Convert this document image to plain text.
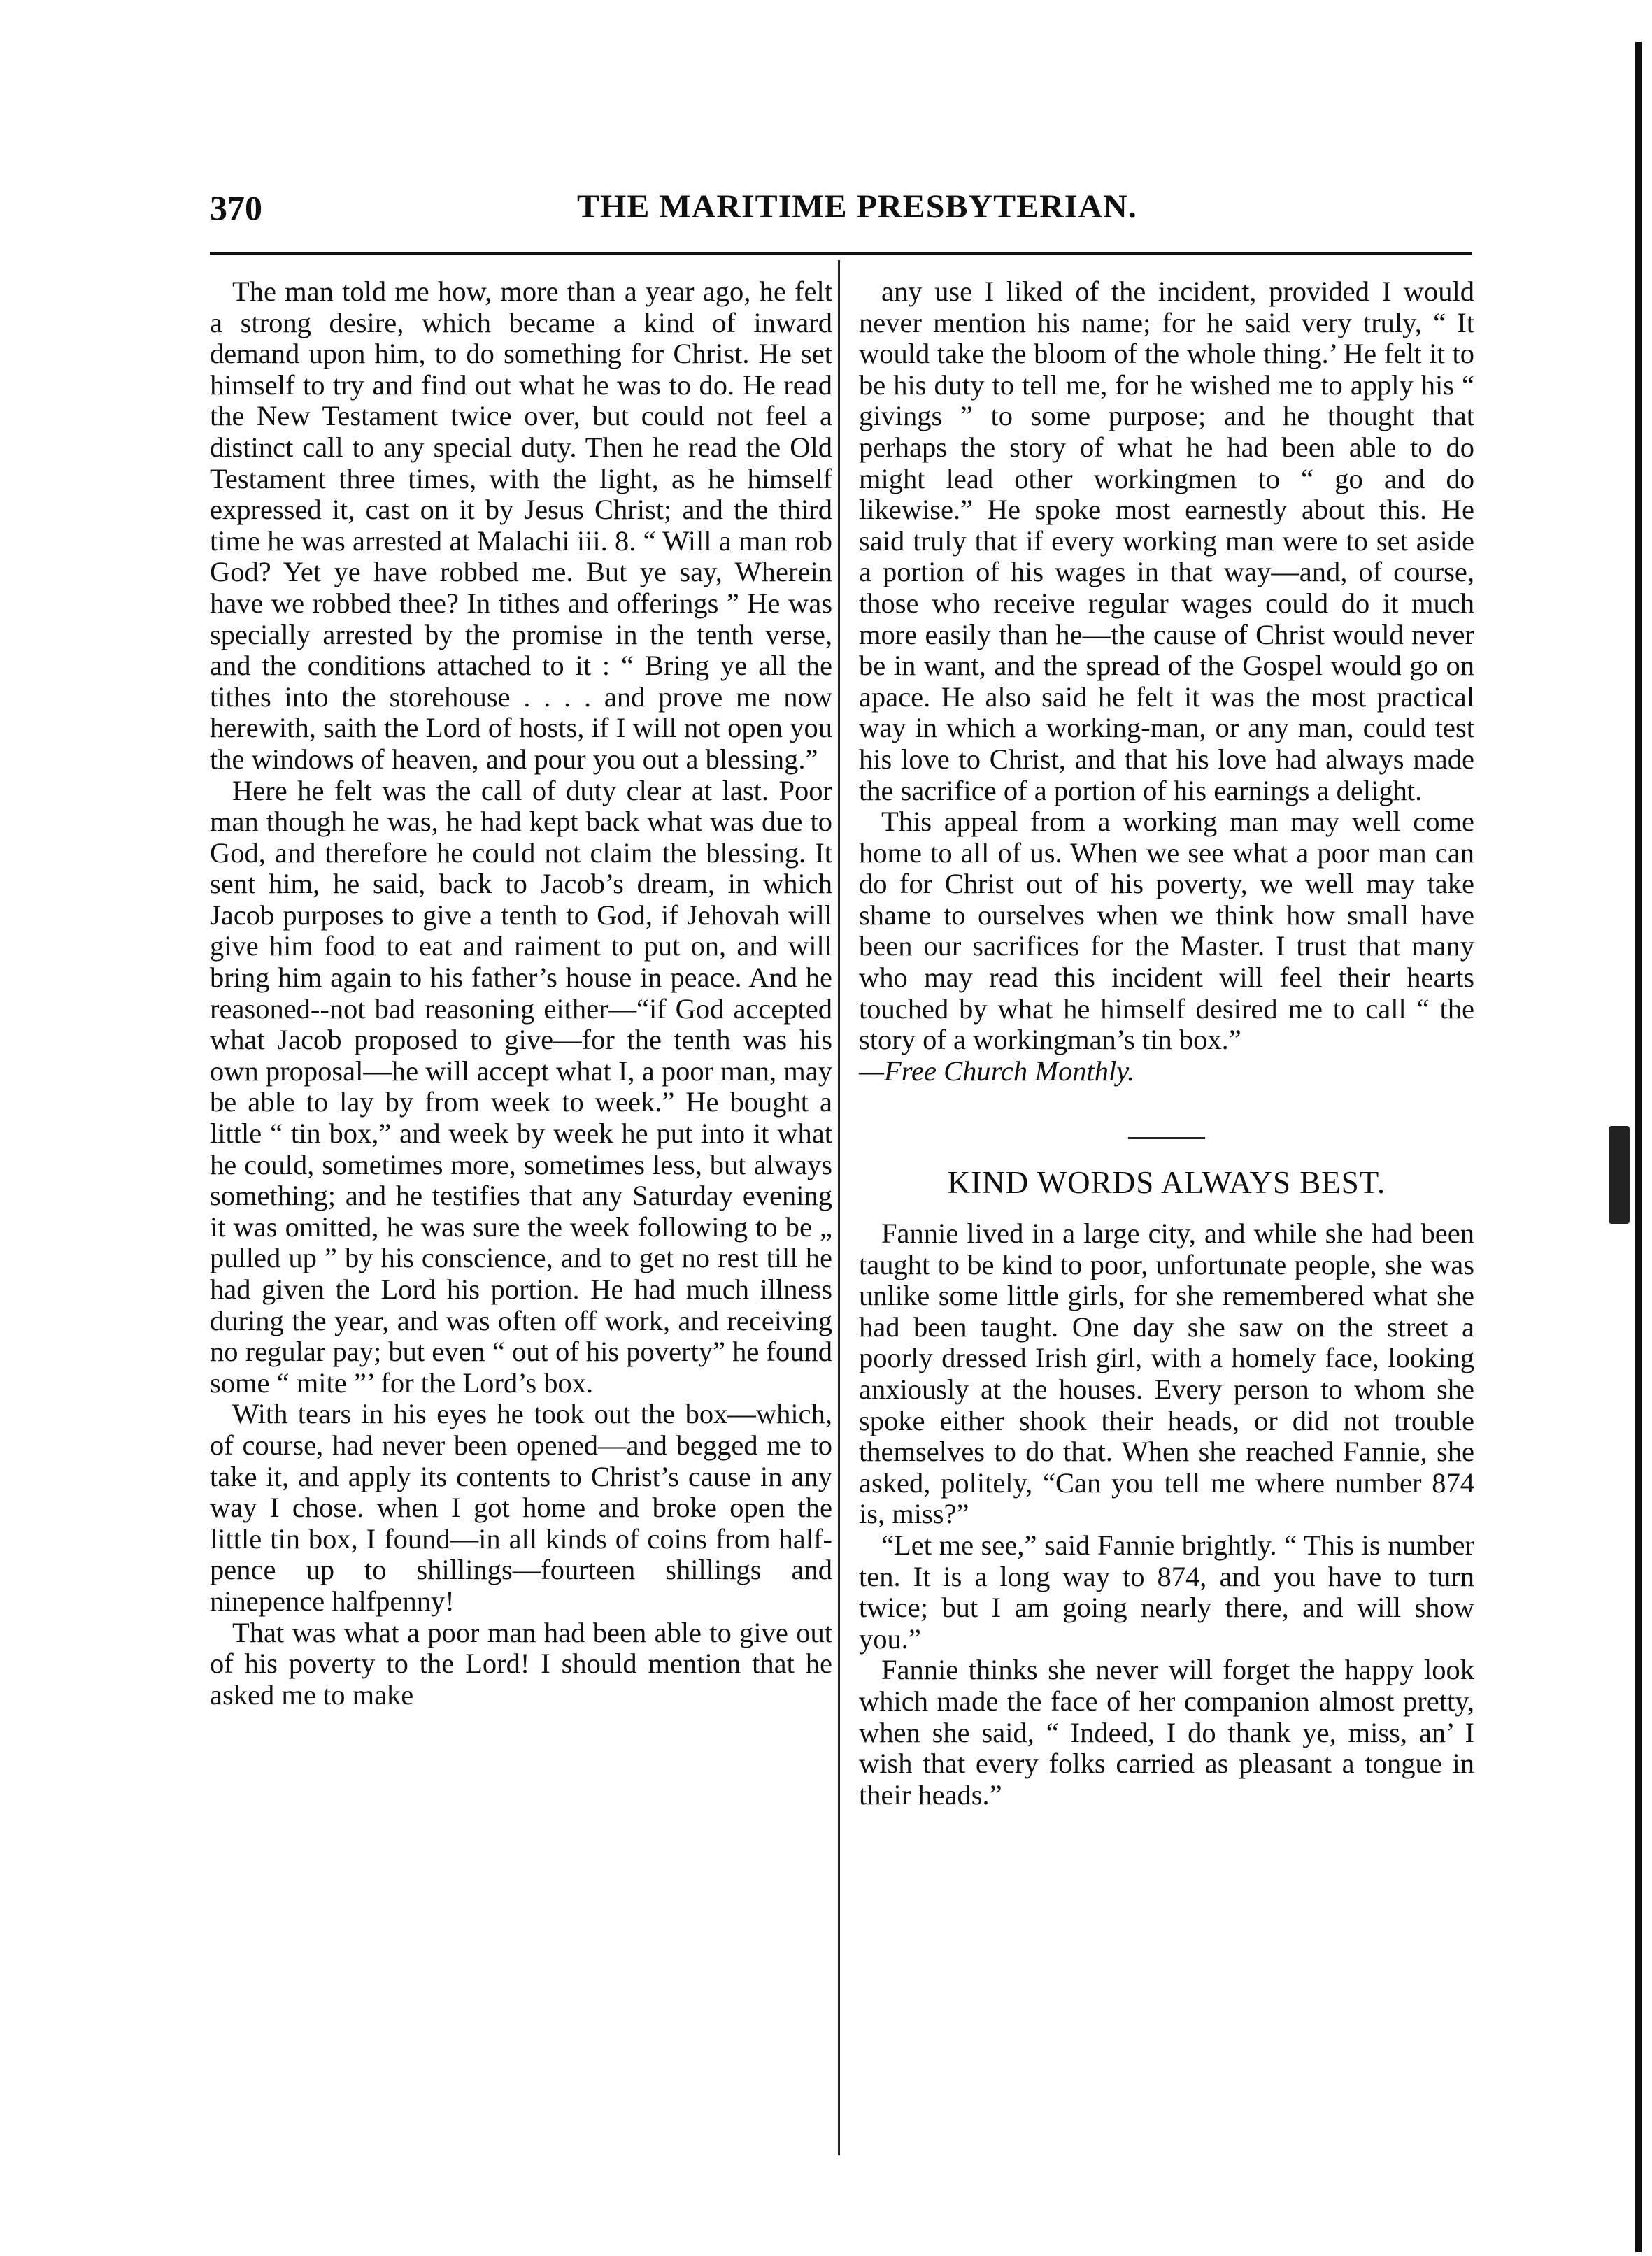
370	THE MARITIME PRESBYTERIAN.

The man told me how, more than a year ago, he felt a strong desire, which became a kind of inward demand upon him, to do something for Christ. He set himself to try and find out what he was to do. He read the New Testament twice over, but could not feel a distinct call to any special duty. Then he read the Old Testament three times, with the light, as he himself expressed it, cast on it by Jesus Christ; and the third time he was arrested at Malachi iii. 8. “ Will a man rob God? Yet ye have robbed me. But ye say, Wherein have we robbed thee? In tithes and offerings ” He was specially arrested by the promise in the tenth verse, and the conditions attached to it : “ Bring ye all the tithes into the storehouse . . . . and prove me now herewith, saith the Lord of hosts, if I will not open you the windows of heaven, and pour you out a blessing.”

Here he felt was the call of duty clear at last. Poor man though he was, he had kept back what was due to God, and therefore he could not claim the blessing. It sent him, he said, back to Jacob’s dream, in which Jacob purposes to give a tenth to God, if Jehovah will give him food to eat and raiment to put on, and will bring him again to his father’s house in peace. And he reasoned--not bad reasoning either—“if God accepted what Jacob proposed to give—for the tenth was his own proposal—he will accept what I, a poor man, may be able to lay by from week to week.” He bought a little “ tin box,” and week by week he put into it what he could, sometimes more, sometimes less, but always something; and he testifies that any Saturday evening it was omitted, he was sure the week following to be „ pulled up ” by his conscience, and to get no rest till he had given the Lord his portion. He had much illness during the year, and was often off work, and receiving no regular pay; but even “ out of his poverty” he found some “ mite ”’ for the Lord’s box.

With tears in his eyes he took out the box—which, of course, had never been opened—and begged me to take it, and apply its contents to Christ’s cause in any way I chose. when I got home and broke open the little tin box, I found—in all kinds of coins from half-pence up to shillings—fourteen shillings and ninepence halfpenny!

That was what a poor man had been able to give out of his poverty to the Lord! I should mention that he asked me to make

any use I liked of the incident, provided I would never mention his name; for he said very truly, “ It would take the bloom of the whole thing.’ He felt it to be his duty to tell me, for he wished me to apply his “ givings ” to some purpose; and he thought that perhaps the story of what he had been able to do might lead other workingmen to “ go and do likewise.” He spoke most earnestly about this. He said truly that if every working man were to set aside a portion of his wages in that way—and, of course, those who receive regular wages could do it much more easily than he—the cause of Christ would never be in want, and the spread of the Gospel would go on apace. He also said he felt it was the most practical way in which a working-man, or any man, could test his love to Christ, and that his love had always made the sacrifice of a portion of his earnings a delight.

This appeal from a working man may well come home to all of us. When we see what a poor man can do for Christ out of his poverty, we well may take shame to ourselves when we think how small have been our sacrifices for the Master. I trust that many who may read this incident will feel their hearts touched by what he himself desired me to call “ the story of a workingman’s tin box.”

—Free Church Monthly.

KIND WORDS ALWAYS BEST.

Fannie lived in a large city, and while she had been taught to be kind to poor, unfortunate people, she was unlike some little girls, for she remembered what she had been taught. One day she saw on the street a poorly dressed Irish girl, with a homely face, looking anxiously at the houses. Every person to whom she spoke either shook their heads, or did not trouble themselves to do that. When she reached Fannie, she asked, politely, “Can you tell me where number 874 is, miss?”

“Let me see,” said Fannie brightly. “ This is number ten. It is a long way to 874, and you have to turn twice; but I am going nearly there, and will show you.”

Fannie thinks she never will forget the happy look which made the face of her companion almost pretty, when she said, “ Indeed, I do thank ye, miss, an’ I wish that every folks carried as pleasant a tongue in their heads.”
